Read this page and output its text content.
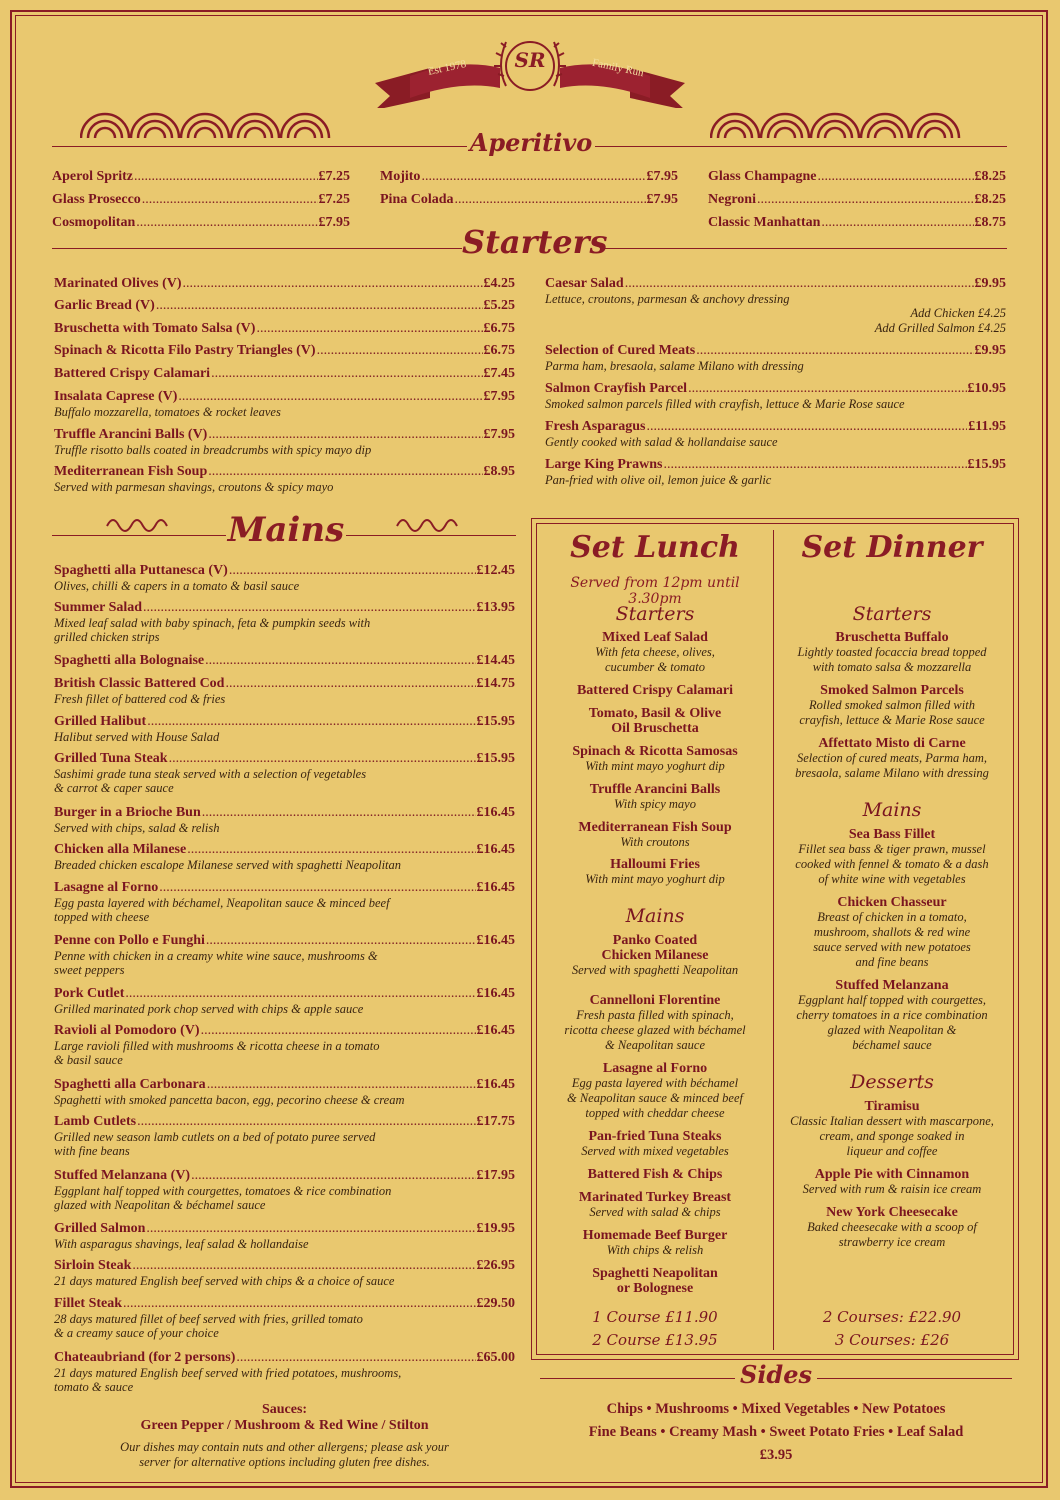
Est 1978	Family Run
SR
Aperitivo
Aperol Spritz .....	£7.25
Glass Prosecco .....	£7.25
Cosmopolitan .....	£7.95
Mojito .....	£7.95
Pina Colada .....	£7.95
Glass Champagne .....	£8.25
Negroni .....	£8.25
Classic Manhattan .....	£8.75
Starters
Marinated Olives (V) .....	£4.25
Garlic Bread (V) .....	£5.25
Bruschetta with Tomato Salsa (V) .....	£6.75
Spinach & Ricotta Filo Pastry Triangles (V) .....	£6.75
Battered Crispy Calamari .....	£7.45
Insalata Caprese (V) .....	£7.95
Buffalo mozzarella, tomatoes & rocket leaves
Truffle Arancini Balls (V) .....	£7.95
Truffle risotto balls coated in breadcrumbs with spicy mayo dip
Mediterranean Fish Soup .....	£8.95
Served with parmesan shavings, croutons & spicy mayo
Caesar Salad .....	£9.95
Lettuce, croutons, parmesan & anchovy dressing
Selection of Cured Meats .....	£9.95
Parma ham, bresaola, salame Milano with dressing
Salmon Crayfish Parcel .....	£10.95
Smoked salmon parcels filled with crayfish, lettuce & Marie Rose sauce
Fresh Asparagus .....	£11.95
Gently cooked with salad & hollandaise sauce
Large King Prawns .....	£15.95
Pan-fried with olive oil, lemon juice & garlic
Add Chicken £4.25
Add Grilled Salmon £4.25
Mains
Spaghetti alla Puttanesca (V) .....	£12.45
Olives, chilli & capers in a tomato & basil sauce
Summer Salad .....	£13.95
Mixed leaf salad with baby spinach, feta & pumpkin seeds with
grilled chicken strips
Spaghetti alla Bolognaise .....	£14.45
British Classic Battered Cod .....	£14.75
Fresh fillet of battered cod & fries
Grilled Halibut .....	£15.95
Halibut served with House Salad
Grilled Tuna Steak .....	£15.95
Sashimi grade tuna steak served with a selection of vegetables
& carrot & caper sauce
Burger in a Brioche Bun .....	£16.45
Served with chips, salad & relish
Chicken alla Milanese .....	£16.45
Breaded chicken escalope Milanese served with spaghetti Neapolitan
Lasagne al Forno .....	£16.45
Egg pasta layered with béchamel, Neapolitan sauce & minced beef
topped with cheese
Penne con Pollo e Funghi .....	£16.45
Penne with chicken in a creamy white wine sauce, mushrooms &
sweet peppers
Pork Cutlet .....	£16.45
Grilled marinated pork chop served with chips & apple sauce
Ravioli al Pomodoro (V) .....	£16.45
Large ravioli filled with mushrooms & ricotta cheese in a tomato
& basil sauce
Spaghetti alla Carbonara .....	£16.45
Spaghetti with smoked pancetta bacon, egg, pecorino cheese & cream
Lamb Cutlets .....	£17.75
Grilled new season lamb cutlets on a bed of potato puree served
with fine beans
Stuffed Melanzana (V) .....	£17.95
Eggplant half topped with courgettes, tomatoes & rice combination
glazed with Neapolitan & béchamel sauce
Grilled Salmon .....	£19.95
With asparagus shavings, leaf salad & hollandaise
Sirloin Steak .....	£26.95
21 days matured English beef served with chips & a choice of sauce
Fillet Steak .....	£29.50
28 days matured fillet of beef served with fries, grilled tomato
& a creamy sauce of your choice
Chateaubriand (for 2 persons) .....	£65.00
21 days matured English beef served with fried potatoes, mushrooms,
tomato & sauce
Sauces:
Green Pepper / Mushroom & Red Wine / Stilton
Our dishes may contain nuts and other allergens; please ask your
server for alternative options including gluten free dishes.
Set Lunch
Served from 12pm until 3.30pm
Starters
Mixed Leaf Salad
With feta cheese, olives,
cucumber & tomato
Battered Crispy Calamari
Tomato, Basil & Olive
Oil Bruschetta
Spinach & Ricotta Samosas
With mint mayo yoghurt dip
Truffle Arancini Balls
With spicy mayo
Mediterranean Fish Soup
With croutons
Halloumi Fries
With mint mayo yoghurt dip
Mains
Panko Coated
Chicken Milanese
Served with spaghetti Neapolitan
Cannelloni Florentine
Fresh pasta filled with spinach,
ricotta cheese glazed with béchamel
& Neapolitan sauce
Lasagne al Forno
Egg pasta layered with béchamel
& Neapolitan sauce & minced beef
topped with cheddar cheese
Pan-fried Tuna Steaks
Served with mixed vegetables
Battered Fish & Chips
Marinated Turkey Breast
Served with salad & chips
Homemade Beef Burger
With chips & relish
Spaghetti Neapolitan
or Bolognese
1 Course £11.90
2 Course £13.95
Set Dinner
Starters
Bruschetta Buffalo
Lightly toasted focaccia bread topped
with tomato salsa & mozzarella
Smoked Salmon Parcels
Rolled smoked salmon filled with
crayfish, lettuce & Marie Rose sauce
Affettato Misto di Carne
Selection of cured meats, Parma ham,
bresaola, salame Milano with dressing
Mains
Sea Bass Fillet
Fillet sea bass & tiger prawn, mussel
cooked with fennel & tomato & a dash
of white wine with vegetables
Chicken Chasseur
Breast of chicken in a tomato,
mushroom, shallots & red wine
sauce served with new potatoes
and fine beans
Stuffed Melanzana
Eggplant half topped with courgettes,
cherry tomatoes in a rice combination
glazed with Neapolitan &
béchamel sauce
Desserts
Tiramisu
Classic Italian dessert with mascarpone,
cream, and sponge soaked in
liqueur and coffee
Apple Pie with Cinnamon
Served with rum & raisin ice cream
New York Cheesecake
Baked cheesecake with a scoop of
strawberry ice cream
2 Courses: £22.90
3 Courses: £26
Sides
Chips • Mushrooms • Mixed Vegetables • New Potatoes
Fine Beans • Creamy Mash • Sweet Potato Fries • Leaf Salad
£3.95
